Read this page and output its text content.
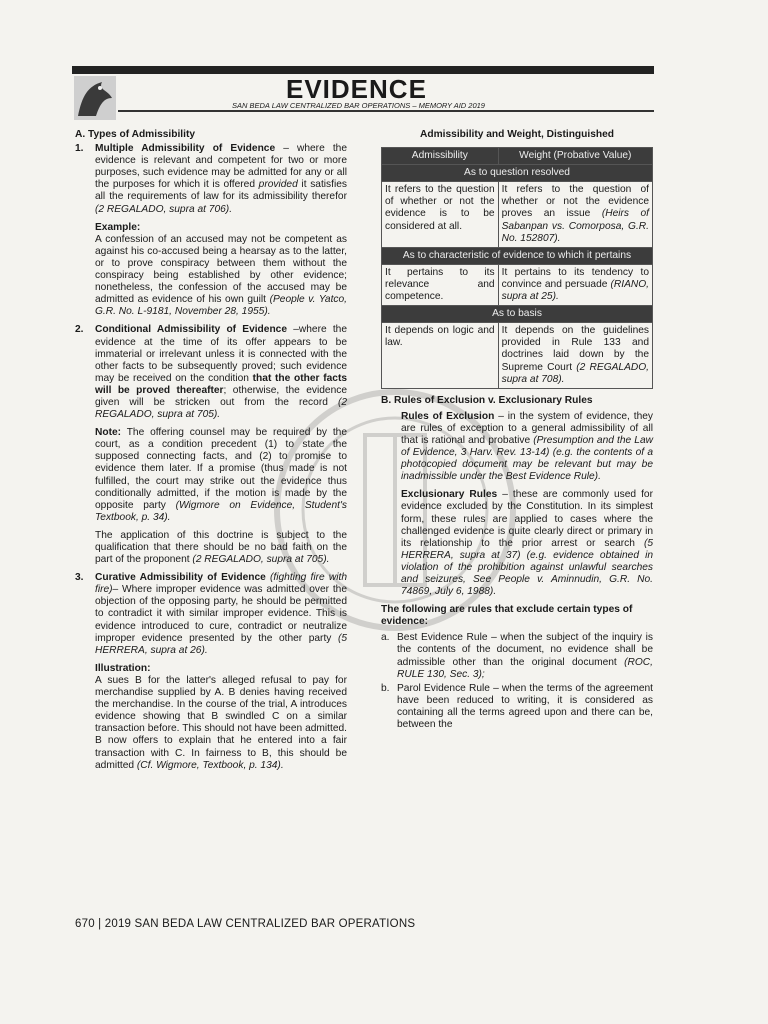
EVIDENCE
SAN BEDA LAW CENTRALIZED BAR OPERATIONS – MEMORY AID 2019

A. Types of Admissibility

1.	Multiple Admissibility of Evidence – where the evidence is relevant and competent for two or more purposes, such evidence may be admitted for any or all the purposes for which it is offered provided it satisfies all the requirements of law for its admissibility therefor (2 REGALADO, supra at 706).

Example:

A confession of an accused may not be competent as against his co-accused being a hearsay as to the latter, or to prove conspiracy between them without the conspiracy being established by other evidence; nonetheless, the confession of the accused may be admitted as evidence of his own guilt (People v. Yatco, G.R. No. L-9181, November 28, 1955).

2.	Conditional Admissibility of Evidence –where the evidence at the time of its offer appears to be immaterial or irrelevant unless it is connected with the other facts to be subsequently proved; such evidence may be received on the condition that the other facts will be proved thereafter; otherwise, the evidence given will be stricken out from the record (2 REGALADO, supra at 705).

Note: The offering counsel may be required by the court, as a condition precedent (1) to state the supposed connecting facts, and (2) to promise to evidence them later. If a promise (thus made is not fulfilled, the court may strike out the evidence thus conditionally admitted, if the motion is made by the opposite party (Wigmore on Evidence, Student's Textbook, p. 34).

The application of this doctrine is subject to the qualification that there should be no bad faith on the part of the proponent (2 REGALADO, supra at 705).

3.	Curative Admissibility of Evidence (fighting fire with fire)– Where improper evidence was admitted over the objection of the opposing party, he should be permitted to contradict it with similar improper evidence. This is evidence introduced to cure, contradict or neutralize improper evidence presented by the other party (5 HERRERA, supra at 26).

Illustration:

A sues B for the latter's alleged refusal to pay for merchandise supplied by A. B denies having received the merchandise. In the course of the trial, A introduces evidence showing that B swindled C on a similar transaction before. This should not have been admitted. B now offers to explain that he entered into a fair transaction with C. In fairness to B, this should be admitted (Cf. Wigmore, Textbook, p. 134).

Admissibility and Weight, Distinguished

Admissibility	Weight (Probative Value)
As to question resolved	
It refers to the question of whether or not the evidence is to be considered at all.	It refers to the question of whether or not the evidence proves an issue (Heirs of Sabanpan vs. Comorposa, G.R. No. 152807).
As to characteristic of evidence to which it pertains	
It pertains to its relevance and competence.	It pertains to its tendency to convince and persuade (RIANO, supra at 25).
As to basis	
It depends on logic and law.	It depends on the guidelines provided in Rule 133 and doctrines laid down by the Supreme Court (2 REGALADO, supra at 708).

B. Rules of Exclusion v. Exclusionary Rules

Rules of Exclusion – in the system of evidence, they are rules of exception to a general admissibility of all that is rational and probative (Presumption and the Law of Evidence, 3 Harv. Rev. 13-14) (e.g. the contents of a photocopied document may be relevant but may be inadmissible under the Best Evidence Rule).

Exclusionary Rules – these are commonly used for evidence excluded by the Constitution. In its simplest form, these rules are applied to cases where the challenged evidence is quite clearly direct or primary in its relationship to the prior arrest or search (5 HERRERA, supra at 37) (e.g. evidence obtained in violation of the prohibition against unlawful searches and seizures, See People v. Aminnudin, G.R. No. 74869, July 6, 1988).

The following are rules that exclude certain types of evidence:

a. Best Evidence Rule – when the subject of the inquiry is the contents of the document, no evidence shall be admissible other than the original document (ROC, RULE 130, Sec. 3);
b. Parol Evidence Rule – when the terms of the agreement have been reduced to writing, it is considered as containing all the terms agreed upon and there can be, between the
670 | 2019 SAN BEDA LAW CENTRALIZED BAR OPERATIONS
